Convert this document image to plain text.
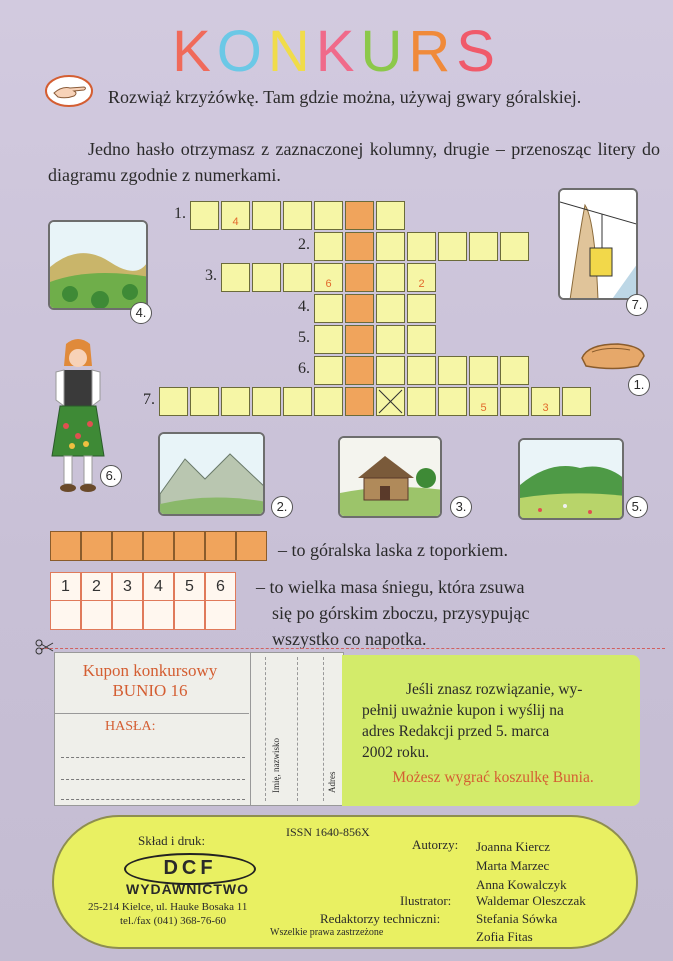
KONKURS
Rozwiąż krzyżówkę. Tam gdzie można, używaj gwary góralskiej.
Jedno hasło otrzymasz z zaznaczonej kolumny, drugie – przenosząc litery do diagramu zgodnie z numerkami.
1.	4
2.
3.	6	2
4.
5.
6.
7.	5	3
4.
7.
1.
6.
2.	3.	5.
– to góralska laska z toporkiem.
1	2	3	4	5	6	– to wielka masa śniegu, która zsuwa
się po górskim zboczu, przysypując
wszystko co napotka.
Kupon konkursowy
BUNIO 16
HASŁA:
Imię, nazwisko	Adres

Jeśli znasz rozwiązanie, wy-

pełnij uważnie kupon i wyślij na

adres Redakcji przed 5. marca

2002 roku.

Możesz wygrać koszulkę Bunia.

Skład i druk:
DCF
WYDAWNICTWO
25-214 Kielce, ul. Hauke Bosaka 11
tel./fax (041) 368-76-60
ISSN 1640-856X
Autorzy: Joanna Kiercz
Marta Marzec
Anna Kowalczyk
Ilustrator: Waldemar Oleszczak
Redaktorzy techniczni:	Stefania Sówka
Zofia Fitas
Wszelkie prawa zastrzeżone
